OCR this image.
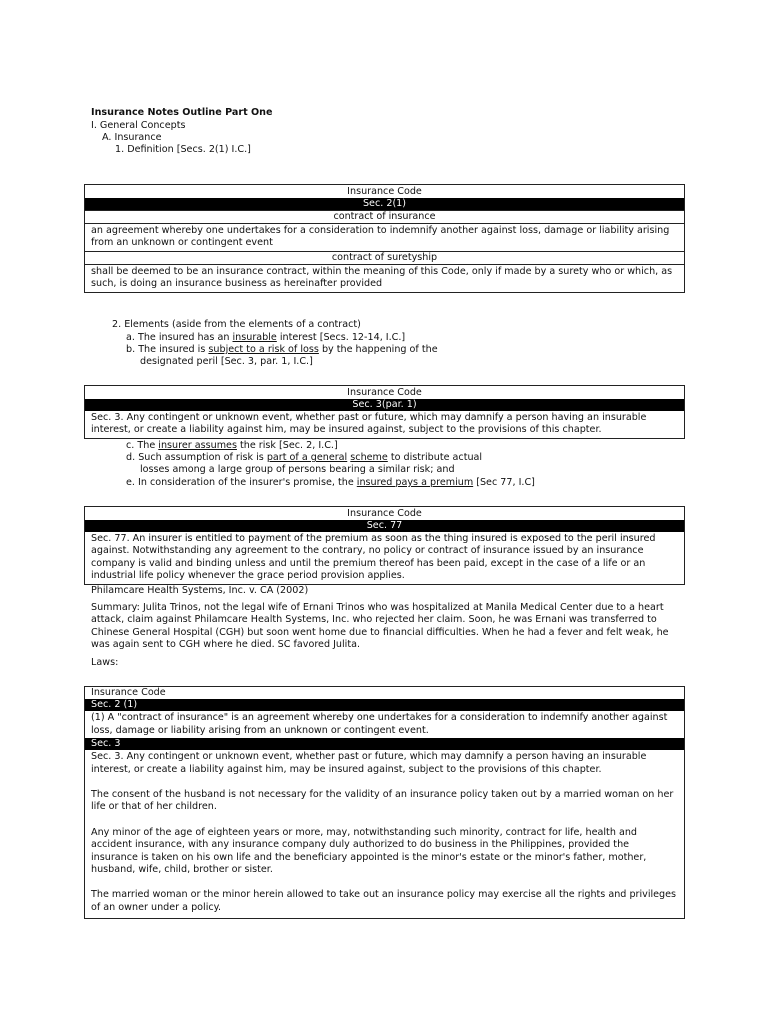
Insurance Notes Outline Part One
I. General Concepts
A. Insurance
1. Definition [Secs. 2(1) I.C.]
Insurance Code
Sec. 2(1)
contract of insurance
an agreement whereby one undertakes for a consideration to indemnify another against loss, damage or liability arising from an unknown or contingent event
contract of suretyship
shall be deemed to be an insurance contract, within the meaning of this Code, only if made by a surety who or which, as such, is doing an insurance business as hereinafter provided
2. Elements (aside from the elements of a contract)
a. The insured has an insurable interest [Secs. 12-14, I.C.]
b. The insured is subject to a risk of loss by the happening of the
designated peril [Sec. 3, par. 1, I.C.]
Insurance Code
Sec. 3(par. 1)
Sec. 3. Any contingent or unknown event, whether past or future, which may damnify a person having an insurable interest, or create a liability against him, may be insured against, subject to the provisions of this chapter.
c. The insurer assumes the risk [Sec. 2, I.C.]
d. Such assumption of risk is part of a general scheme to distribute actual
losses among a large group of persons bearing a similar risk; and
e. In consideration of the insurer's promise, the insured pays a premium [Sec 77, I.C]
Insurance Code
Sec. 77
Sec. 77. An insurer is entitled to payment of the premium as soon as the thing insured is exposed to the peril insured against. Notwithstanding any agreement to the contrary, no policy or contract of insurance issued by an insurance company is valid and binding unless and until the premium thereof has been paid, except in the case of a life or an industrial life policy whenever the grace period provision applies.
Philamcare Health Systems, Inc. v. CA (2002)
Summary: Julita Trinos, not the legal wife of Ernani Trinos who was hospitalized at Manila Medical Center due to a heart attack, claim against Philamcare Health Systems, Inc. who rejected her claim. Soon, he was Ernani was transferred to Chinese General Hospital (CGH) but soon went home due to financial difficulties. When he had a fever and felt weak, he was again sent to CGH where he died. SC favored Julita.
Laws:
Insurance Code
Sec. 2 (1)
(1) A "contract of insurance" is an agreement whereby one undertakes for a consideration to indemnify another against loss, damage or liability arising from an unknown or contingent event.
Sec. 3

Sec. 3. Any contingent or unknown event, whether past or future, which may damnify a person having an insurable interest, or create a liability against him, may be insured against, subject to the provisions of this chapter.

The consent of the husband is not necessary for the validity of an insurance policy taken out by a married woman on her life or that of her children.

Any minor of the age of eighteen years or more, may, notwithstanding such minority, contract for life, health and accident insurance, with any insurance company duly authorized to do business in the Philippines, provided the insurance is taken on his own life and the beneficiary appointed is the minor's estate or the minor's father, mother, husband, wife, child, brother or sister.

The married woman or the minor herein allowed to take out an insurance policy may exercise all the rights and privileges of an owner under a policy.
